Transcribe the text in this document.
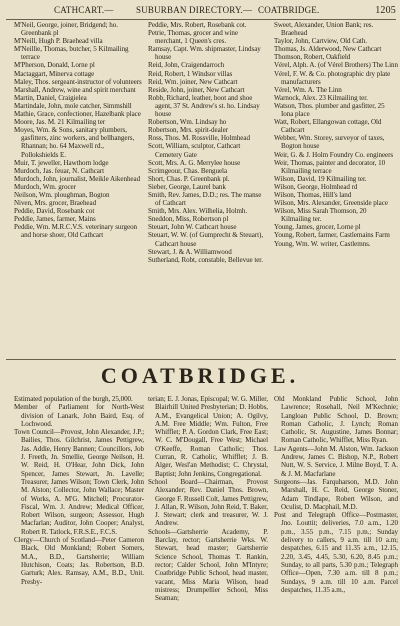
CATHCART.— SUBURBAN DIRECTORY.— COATBRIDGE.	1205
M'Neil, George, joiner, Bridgend; ho. Greenbank pl
M'Neill, Hugh P. Braehead villa
M'Neillie, Thomas, butcher, 5 Kilmailing terrace
M'Pherson, Donald, Lorne pl
Mactaggart, Minerva cottage
Maley, Thos. sergeant-instructor of volunteers
Marshall, Andrew, wine and spirit merchant
Martin, Daniel, Craigielea
Martindale, John, mole catcher, Simmshill
Mathie, Grace, confectioner, Hazelbank place
Moore, Jas. M. 21 Kilmailing ter
Moyes, Wm. & Sons, sanitary plumbers, gasfitters, zinc workers, and bellhangers, Rhannan; ho. 64 Maxwell rd., Pollokshields E.
Muir, T. jeweller, Hawthorn lodge
Murdoch, Jas. feuar, N. Cathcart
Murdoch, John, journalist, Meikle Aikenhead
Murdoch, Wm. grocer
Neilson, Wm. ploughman, Bogton
Niven, Mrs. grocer, Braehead
Peddie, David, Rosebank cot
Peddie, James, farmer, Mains
Peddie, Wm. M.R.C.V.S. veterinary surgeon and horse shoer, Old Cathcart
Peddie, Mrs. Robert, Rosebank cot.
Petrie, Thomas, grocer and wine merchant, 1 Queen's cres.
Ramsay, Capt. Wm. shipmaster, Lindsay house
Reid, John, Craigendarroch
Reid, Robert, 1 Windsor villas
Reid, Wm. joiner, New Cathcart
Reside, John, joiner, New Cathcart
Robb, Richard, leather, boot and shoe agent, 37 St. Andrew's st. ho. Lindsay house
Robertson, Wm. Lindsay ho
Robertson, Mrs. spirit-dealer
Ross, Thos. M. Rossville, Holmhead
Scott, William, sculptor, Cathcart Cemetery Gate
Scott, Mrs. A. G. Merrylee house
Scrimgeour, Chas. Benguela
Short, Chas. P. Greenbank pl.
Sieber, George, Laurel bank
Smith, Rev. James, D.D.; res. The manse of Cathcart
Smith, Mrs. Alex. Wilhelia, Holmh.
Sneddon, Miss, Robertson pl
Steuart, John W. Cathcart house
Steuart, W. W. (of Gumprecht & Steuart), Cathcart house
Stewart, J. & A. Williamwood
Sutherland, Robt, constable, Bellevue ter.
Sweet, Alexander, Union Bank; res. Braehead
Taylor, John, Cartview, Old Cath.
Thomas, Js. Alderwood, New Cathcart
Thomson, Robert, Oakfield
Vérel, Alph. A. (of Vérel Brothers) The Linn
Vérel, F. W. & Co. photographic dry plate manufacturers
Vérel, Wm. A. The Linn
Warnock, Alex. 23 Kilmailing ter.
Watson, Thos. plumber and gasfitter, 25 Iona place
Watt, Robert, Ellangowan cottage, Old Cathcart
Webber, Wm. Storey, surveyor of taxes, Bogton house
Weir, G. & J. Holm Foundry Co. engineers
Weir, Thomas, painter and decorator, 10 Kilmailing terrace
Wilson, David, 19 Kilmailing ter.
Wilson, George, Holmhead rd
Wilson, Thomas, Hill's land
Wilson, Mrs. Alexander, Greenside place
Wilson, Miss Sarah Thomson, 20 Kilmailing ter.
Young, James, grocer, Lorne pl
Young, Robert, farmer, Castlemains Farm
Young, Wm. W. writer, Castlemns.
COATBRIDGE.
Estimated population of the burgh, 25,000.
Member of Parliament for North-West division of Lanark, John Baird, Esq. of Lochwood.
Town Council—Provost, John Alexander, J.P.; Bailies, Thos. Gilchrist, James Pettigrew, Jas. Addie, Henry Bannen; Councillors, Job J. Freeth, Jn. Smellie, George Neilson, H. W. Reid, H. O'Hear, John Dick, John Spencer, James Stewart, Jn. Lavelle; Treasurer, James Wilson; Town Clerk, John M. Alston; Collector, John Wallace; Master of Works, A. M'G. Mitchell; Procurator-Fiscal, Wm. J. Andrew; Medical Officer, Robert Wilson, surgeon; Assessor, Hugh Macfarlan; Auditor, John Cooper; Analyst, Robert R. Tatlock, F.R.S.E., F.C.S.
Clergy—Church of Scotland—Peter Cameron Black, Old Monkland; Robert Somers, M.A., B.D., Gartsherrie; William Hutchison, Coats; Jas. Robertson, B.D. Garturk; Alex. Ramsay, A.M., B.D., Unit. Presby-
terian; E. J. Jonas, Episcopal; W. G. Miller, Blairhill United Presbyterian; D. Hobbs, A.M., Evangelical Union; A. Ogilvy, A.M. Free Middle; Wm. Fulton, Free Whifflet; P. A. Gordon Clark, Free East; W. C. M'Dougall, Free West; Michael O'Keeffe, Roman Catholic; Thos. Curran, R. Catholic, Whifflet; J. B. Alger, Wesl'an Methodist; C. Chrystal, Baptist; John Jenkins, Congregational.
School Board—Chairman, Provost Alexander; Rev. Daniel Thos. Brown, George F. Russell Colt, James Pettigrew, J. Allan, R. Wilson, John Reid, T. Baker, J. Stewart; clerk and treasurer, W. J. Andrew.
Schools—Gartsherrie Academy, P. Barclay, rector; Gartsherrie Wks. W. Stewart, head master; Gartsherrie Science School, Thomas T. Rankin, rector; Calder School, John M'Intyre; Coatbridge Public School, head master, vacant, Miss Maria Wilson, head mistress; Drumpellier School, Miss Seaman;
Old Monkland Public School, John Lawrence; Rosehall, Neil M'Kechnie; Langloan Public School, D. Brown; Roman Catholic, J. Lynch; Roman Catholic, St. Augustine, James Bonnar; Roman Catholic, Whifflet, Miss Ryan.
Law Agents—John M. Alston, Wm. Jackson Andrew, James C. Bishop, N.P., Robert Nutt, W. S. Service, J. Milne Boyd, T. A. & J. M. Macfarlane
Surgeons—Jas. Farquharson, M.D. John Marshall, H. C. Reid, George Stoner, Adam Tindlape, Robert Wilson, and Oculist, D. Macphail, M.D.
Post and Telegraph Office—Postmaster, Jno. Louttit; deliveries, 7.0 a.m., 1.20 p.m., 3.55 p.m., 7.15 p.m.; Sunday delivery to callers, 9 a.m. till 10 a.m; despatches, 6.15 and 11.35 a.m., 12.15, 2.20, 3.45, 4.45, 5.30, 6.20, 8.45 p.m.; Sunday, to all parts, 5.30 p.m.; Telegraph Office—Open, 7.30 a.m. till 8 p.m.; Sundays, 9 a.m. till 10 a.m. Parcel despatches, 11.35 a.m.,
